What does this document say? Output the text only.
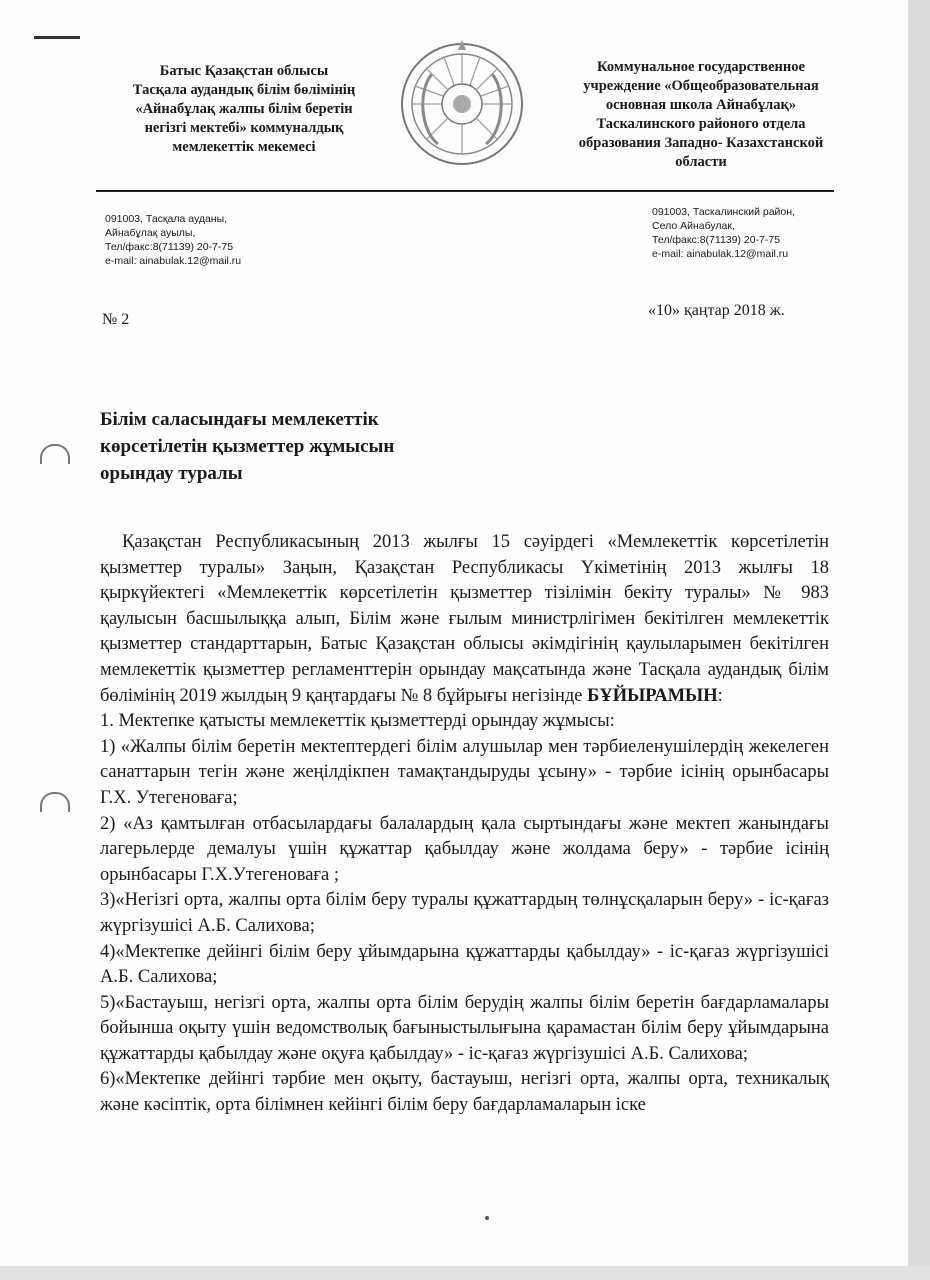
Батыс Қазақстан облысы
Тасқала аудандық білім бөлімінің
«Айнабұлақ жалпы білім беретін
негізгі мектебі» коммуналдық
мемлекеттік мекемесі
Коммунальное государственное
учреждение «Общеобразовательная
основная школа Айнабұлақ»
Таскалинского районого отдела
образования Западно- Казахстанской
области
091003, Тасқала ауданы,
Айнабұлақ ауылы,
Тел/факс:8(71139) 20-7-75
e-mail: ainabulak.12@mail.ru
091003, Таскалинский район,
Село Айнабулак,
Тел/факс:8(71139) 20-7-75
e-mail: ainabulak.12@mail.ru
№ 2
«10» қаңтар 2018 ж.
Білім саласындағы мемлекеттік
көрсетілетін қызметтер жұмысын
орындау туралы

Қазақстан Республикасының 2013 жылғы 15 сәуірдегі «Мемлекеттік көрсетілетін қызметтер туралы» Заңын, Қазақстан Республикасы Үкіметінің 2013 жылғы 18 қыркүйектегі «Мемлекеттік көрсетілетін қызметтер тізілімін бекіту туралы» № 983 қаулысын басшылыққа алып, Білім және ғылым министрлігімен бекітілген мемлекеттік қызметтер стандарттарын, Батыс Қазақстан облысы әкімдігінің қаулыларымен бекітілген мемлекеттік қызметтер регламенттерін орындау мақсатында және Тасқала аудандық білім бөлімінің 2019 жылдың 9 қаңтардағы № 8 бұйрығы негізінде БҰЙЫРАМЫН:

1. Мектепке қатысты мемлекеттік қызметтерді орындау жұмысы:

1) «Жалпы білім беретін мектептердегі білім алушылар мен тәрбиеленушілердің жекелеген санаттарын тегін және жеңілдікпен тамақтандыруды ұсыну» - тәрбие ісінің орынбасары Г.Х. Утегеноваға;

2) «Аз қамтылған отбасылардағы балалардың қала сыртындағы және мектеп жанындағы лагерьлерде демалуы үшін құжаттар қабылдау және жолдама беру» - тәрбие ісінің орынбасары Г.Х.Утегеноваға ;

3)«Негізгі орта, жалпы орта білім беру туралы құжаттардың төлнұсқаларын беру» - іс-қағаз жүргізушісі А.Б. Салихова;

4)«Мектепке дейінгі білім беру ұйымдарына құжаттарды қабылдау» - іс-қағаз жүргізушісі А.Б. Салихова;

5)«Бастауыш, негізгі орта, жалпы орта білім берудің жалпы білім беретін бағдарламалары бойынша оқыту үшін ведомстволық бағыныстылығына қарамастан білім беру ұйымдарына құжаттарды қабылдау және оқуға қабылдау» - іс-қағаз жүргізушісі А.Б. Салихова;

6)«Мектепке дейінгі тәрбие мен оқыту, бастауыш, негізгі орта, жалпы орта, техникалық және кәсіптік, орта білімнен кейінгі білім беру бағдарламаларын іске
